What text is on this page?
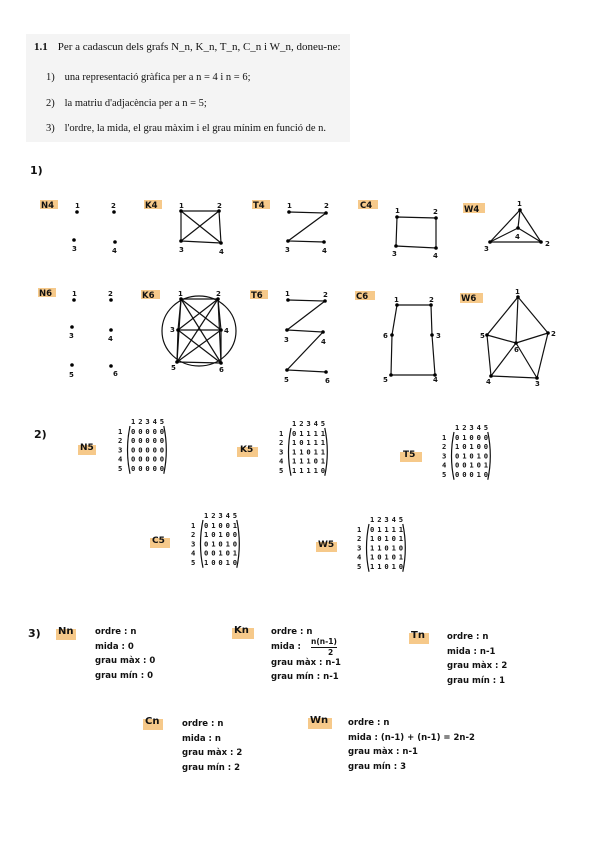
1.1 Per a cadascun dels grafs N_n, K_n, T_n, C_n i W_n, doneu-ne:
1) una representació gràfica per a n = 4 i n = 6;
2) la matriu d'adjacència per a n = 5;
3) l'ordre, la mida, el grau màxim i el grau mínim en funció de n.
1)
2)
3)
N4	1	2
3	4
K4	1	2
3	4
T4	1	2
3	4
C4	1	2
4
3
W4
1
2
3
4
N6	1	2
3	4
5	6
K6	1	2
3	4
5	6
T6	1	2
3	4
5	6
C6	1	2
6	3
5	4
W6
1
2
3
4
5
6
1 2 3 4 5
1 0 0 0 0 0
2 0 0 0 0 0
3 0 0 0 0 0
4 0 0 0 0 0
5 0 0 0 0 0
1 2 3 4 5
1 0 1 1 1 1
2 1 0 1 1 1
3 1 1 0 1 1
4 1 1 1 0 1
5 1 1 1 1 0
1 2 3 4 5
1 0 1 0 0 0
2 1 0 1 0 0
3 0 1 0 1 0
4 0 0 1 0 1
5 0 0 0 1 0
1 2 3 4 5
1 0 1 0 0 1
2 1 0 1 0 0
3 0 1 0 1 0
4 0 0 1 0 1
5 1 0 0 1 0
1 2 3 4 5
1 0 1 1 1 1
2 1 0 1 0 1
3 1 1 0 1 0
4 1 0 1 0 1
5 1 1 0 1 0
N5	K5	T5
C5	W5
Nn	Kn	Tn
Cn	Wn
ordre : n
mida : 0
grau màx : 0
grau mín : 0
ordre : n
mida :
n(n-1)
2
grau màx : n-1
grau mín : n-1
ordre : n
mida : n-1
grau màx : 2
grau mín : 1
ordre : n
mida : n
grau màx : 2
grau mín : 2
ordre : n
mida : (n-1) + (n-1) = 2n-2
grau màx : n-1
grau mín : 3
